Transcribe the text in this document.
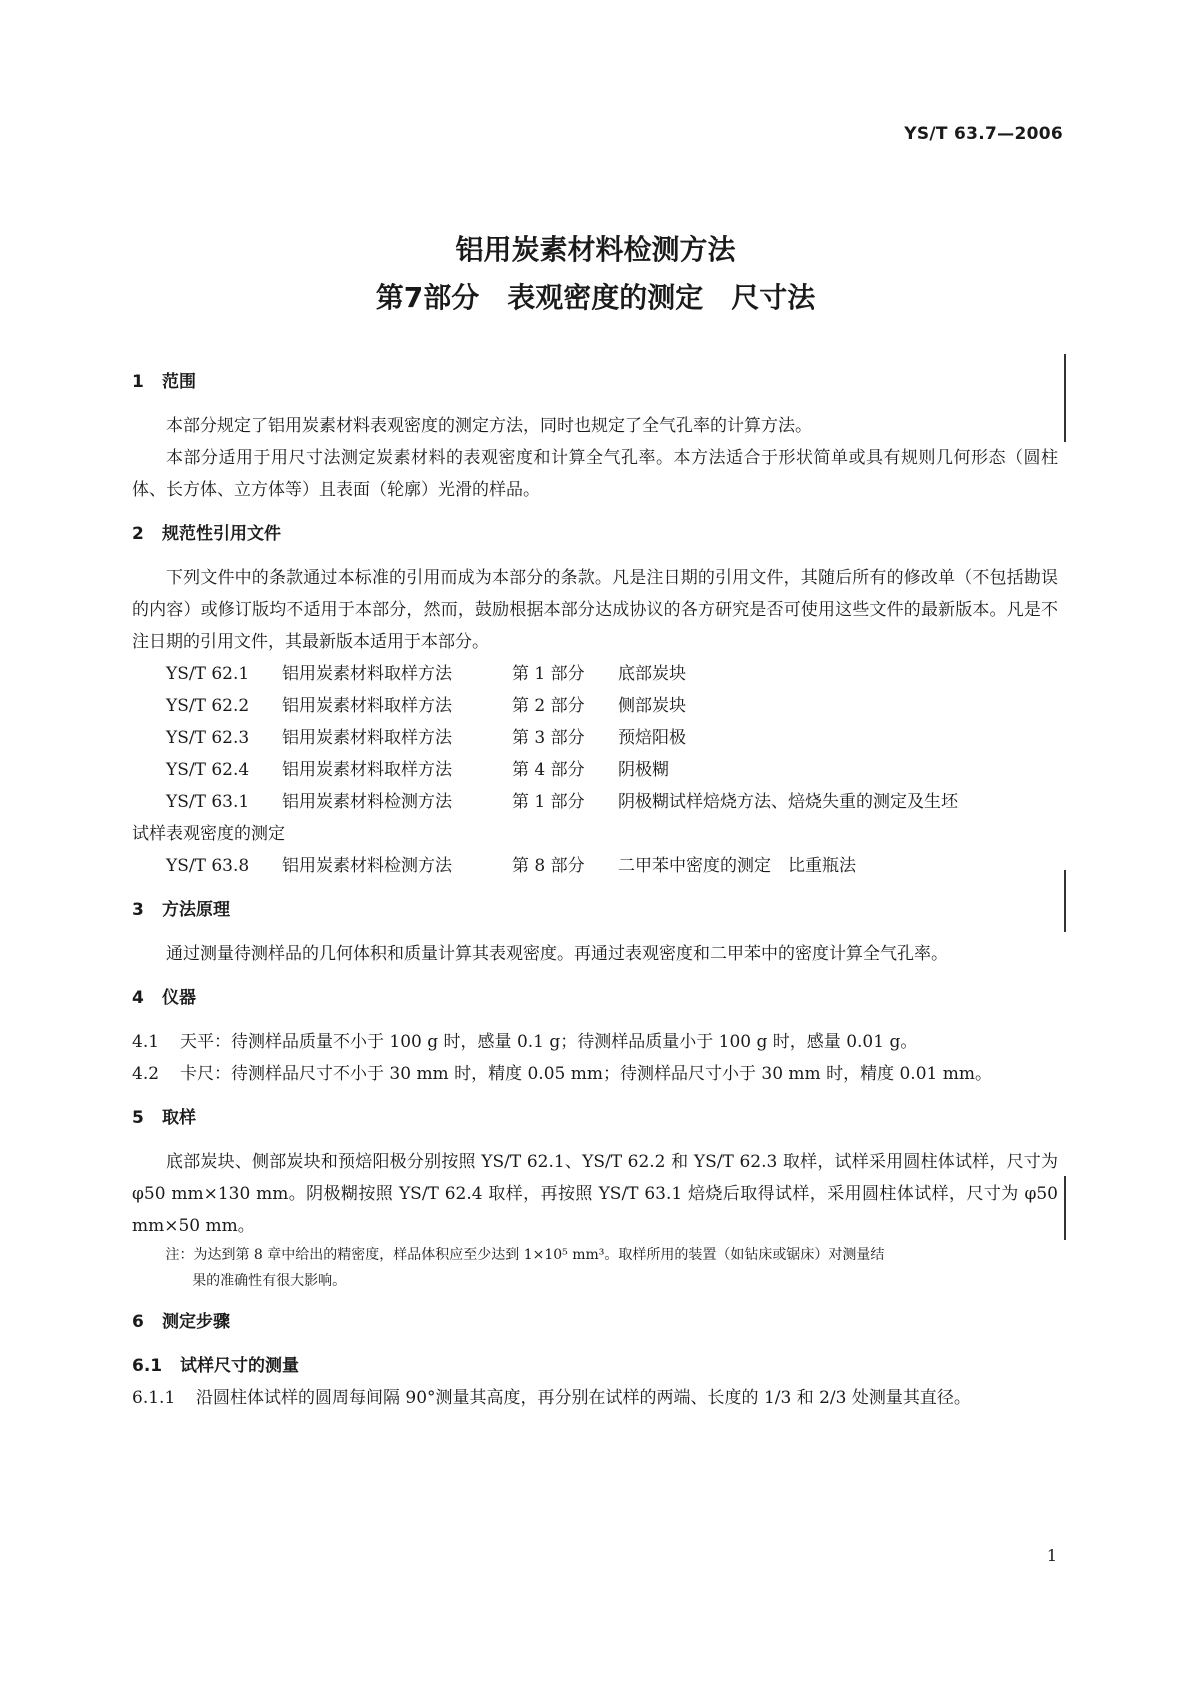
YS/T 63.7—2006
铝用炭素材料检测方法
第7部分　表观密度的测定　尺寸法
1 范围

本部分规定了铝用炭素材料表观密度的测定方法，同时也规定了全气孔率的计算方法。

本部分适用于用尺寸法测定炭素材料的表观密度和计算全气孔率。本方法适合于形状简单或具有规则几何形态（圆柱体、长方体、立方体等）且表面（轮廓）光滑的样品。

2 规范性引用文件

下列文件中的条款通过本标准的引用而成为本部分的条款。凡是注日期的引用文件，其随后所有的修改单（不包括勘误的内容）或修订版均不适用于本部分，然而，鼓励根据本部分达成协议的各方研究是否可使用这些文件的最新版本。凡是不注日期的引用文件，其最新版本适用于本部分。

YS/T 62.1 铝用炭素材料取样方法	第 1 部分 底部炭块

YS/T 62.2 铝用炭素材料取样方法	第 2 部分 侧部炭块

YS/T 62.3 铝用炭素材料取样方法	第 3 部分 预焙阳极

YS/T 62.4 铝用炭素材料取样方法	第 4 部分 阴极糊

YS/T 63.1 铝用炭素材料检测方法	第 1 部分 阴极糊试样焙烧方法、焙烧失重的测定及生坯

试样表观密度的测定

YS/T 63.8 铝用炭素材料检测方法	第 8 部分 二甲苯中密度的测定　比重瓶法

3 方法原理

通过测量待测样品的几何体积和质量计算其表观密度。再通过表观密度和二甲苯中的密度计算全气孔率。

4 仪器

4.1 天平：待测样品质量不小于 100 g 时，感量 0.1 g；待测样品质量小于 100 g 时，感量 0.01 g。

4.2 卡尺：待测样品尺寸不小于 30 mm 时，精度 0.05 mm；待测样品尺寸小于 30 mm 时，精度 0.01 mm。

5 取样

底部炭块、侧部炭块和预焙阳极分别按照 YS/T 62.1、YS/T 62.2 和 YS/T 62.3 取样，试样采用圆柱体试样，尺寸为 φ50 mm×130 mm。阴极糊按照 YS/T 62.4 取样，再按照 YS/T 63.1 焙烧后取得试样，采用圆柱体试样，尺寸为 φ50 mm×50 mm。

注：为达到第 8 章中给出的精密度，样品体积应至少达到 1×10⁵ mm³。取样所用的装置（如钻床或锯床）对测量结

果的准确性有很大影响。

6 测定步骤
6.1 试样尺寸的测量

6.1.1 沿圆柱体试样的圆周每间隔 90°测量其高度，再分别在试样的两端、长度的 1/3 和 2/3 处测量其直径。

1
